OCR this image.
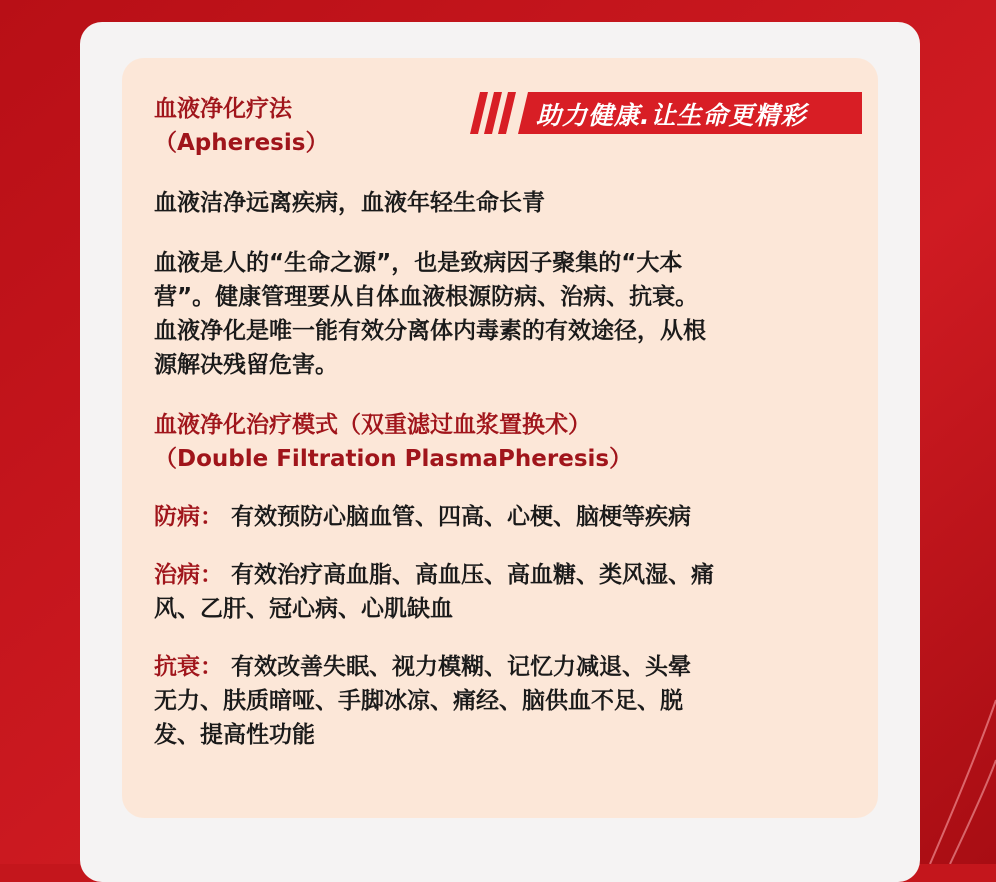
助力健康.让生命更精彩

血液净化疗法

（Apheresis）

血液洁净远离疾病，血液年轻生命长青

血液是人的“生命之源”，也是致病因子聚集的“大本

营”。健康管理要从自体血液根源防病、治病、抗衰。

血液净化是唯一能有效分离体内毒素的有效途径，从根

源解决残留危害。

血液净化治疗模式（双重滤过血浆置换术）

（Double Filtration PlasmaPheresis）

防病： 有效预防心脑血管、四高、心梗、脑梗等疾病

治病： 有效治疗高血脂、高血压、高血糖、类风湿、痛

风、乙肝、冠心病、心肌缺血

抗衰： 有效改善失眠、视力模糊、记忆力减退、头晕

无力、肤质暗哑、手脚冰凉、痛经、脑供血不足、脱

发、提高性功能
